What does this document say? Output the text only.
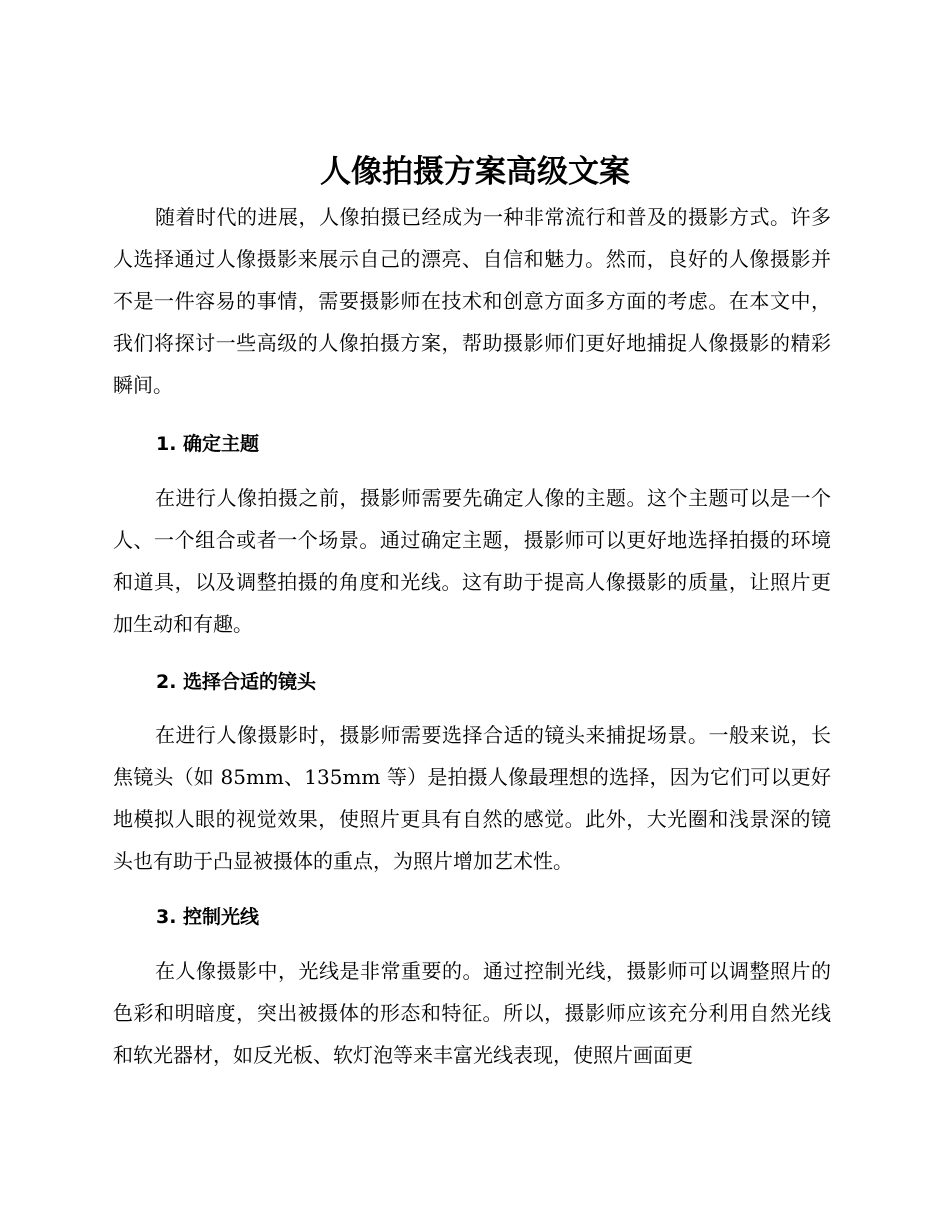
人像拍摄方案高级文案

随着时代的进展，人像拍摄已经成为一种非常流行和普及的摄影方式。许多人选择通过人像摄影来展示自己的漂亮、自信和魅力。然而，良好的人像摄影并不是一件容易的事情，需要摄影师在技术和创意方面多方面的考虑。在本文中，我们将探讨一些高级的人像拍摄方案，帮助摄影师们更好地捕捉人像摄影的精彩瞬间。

1. 确定主题

在进行人像拍摄之前，摄影师需要先确定人像的主题。这个主题可以是一个人、一个组合或者一个场景。通过确定主题，摄影师可以更好地选择拍摄的环境和道具，以及调整拍摄的角度和光线。这有助于提高人像摄影的质量，让照片更加生动和有趣。

2. 选择合适的镜头

在进行人像摄影时，摄影师需要选择合适的镜头来捕捉场景。一般来说，长焦镜头（如 85mm、135mm 等）是拍摄人像最理想的选择，因为它们可以更好地模拟人眼的视觉效果，使照片更具有自然的感觉。此外，大光圈和浅景深的镜头也有助于凸显被摄体的重点，为照片增加艺术性。

3. 控制光线

在人像摄影中，光线是非常重要的。通过控制光线，摄影师可以调整照片的色彩和明暗度，突出被摄体的形态和特征。所以，摄影师应该充分利用自然光线和软光器材，如反光板、软灯泡等来丰富光线表现，使照片画面更
